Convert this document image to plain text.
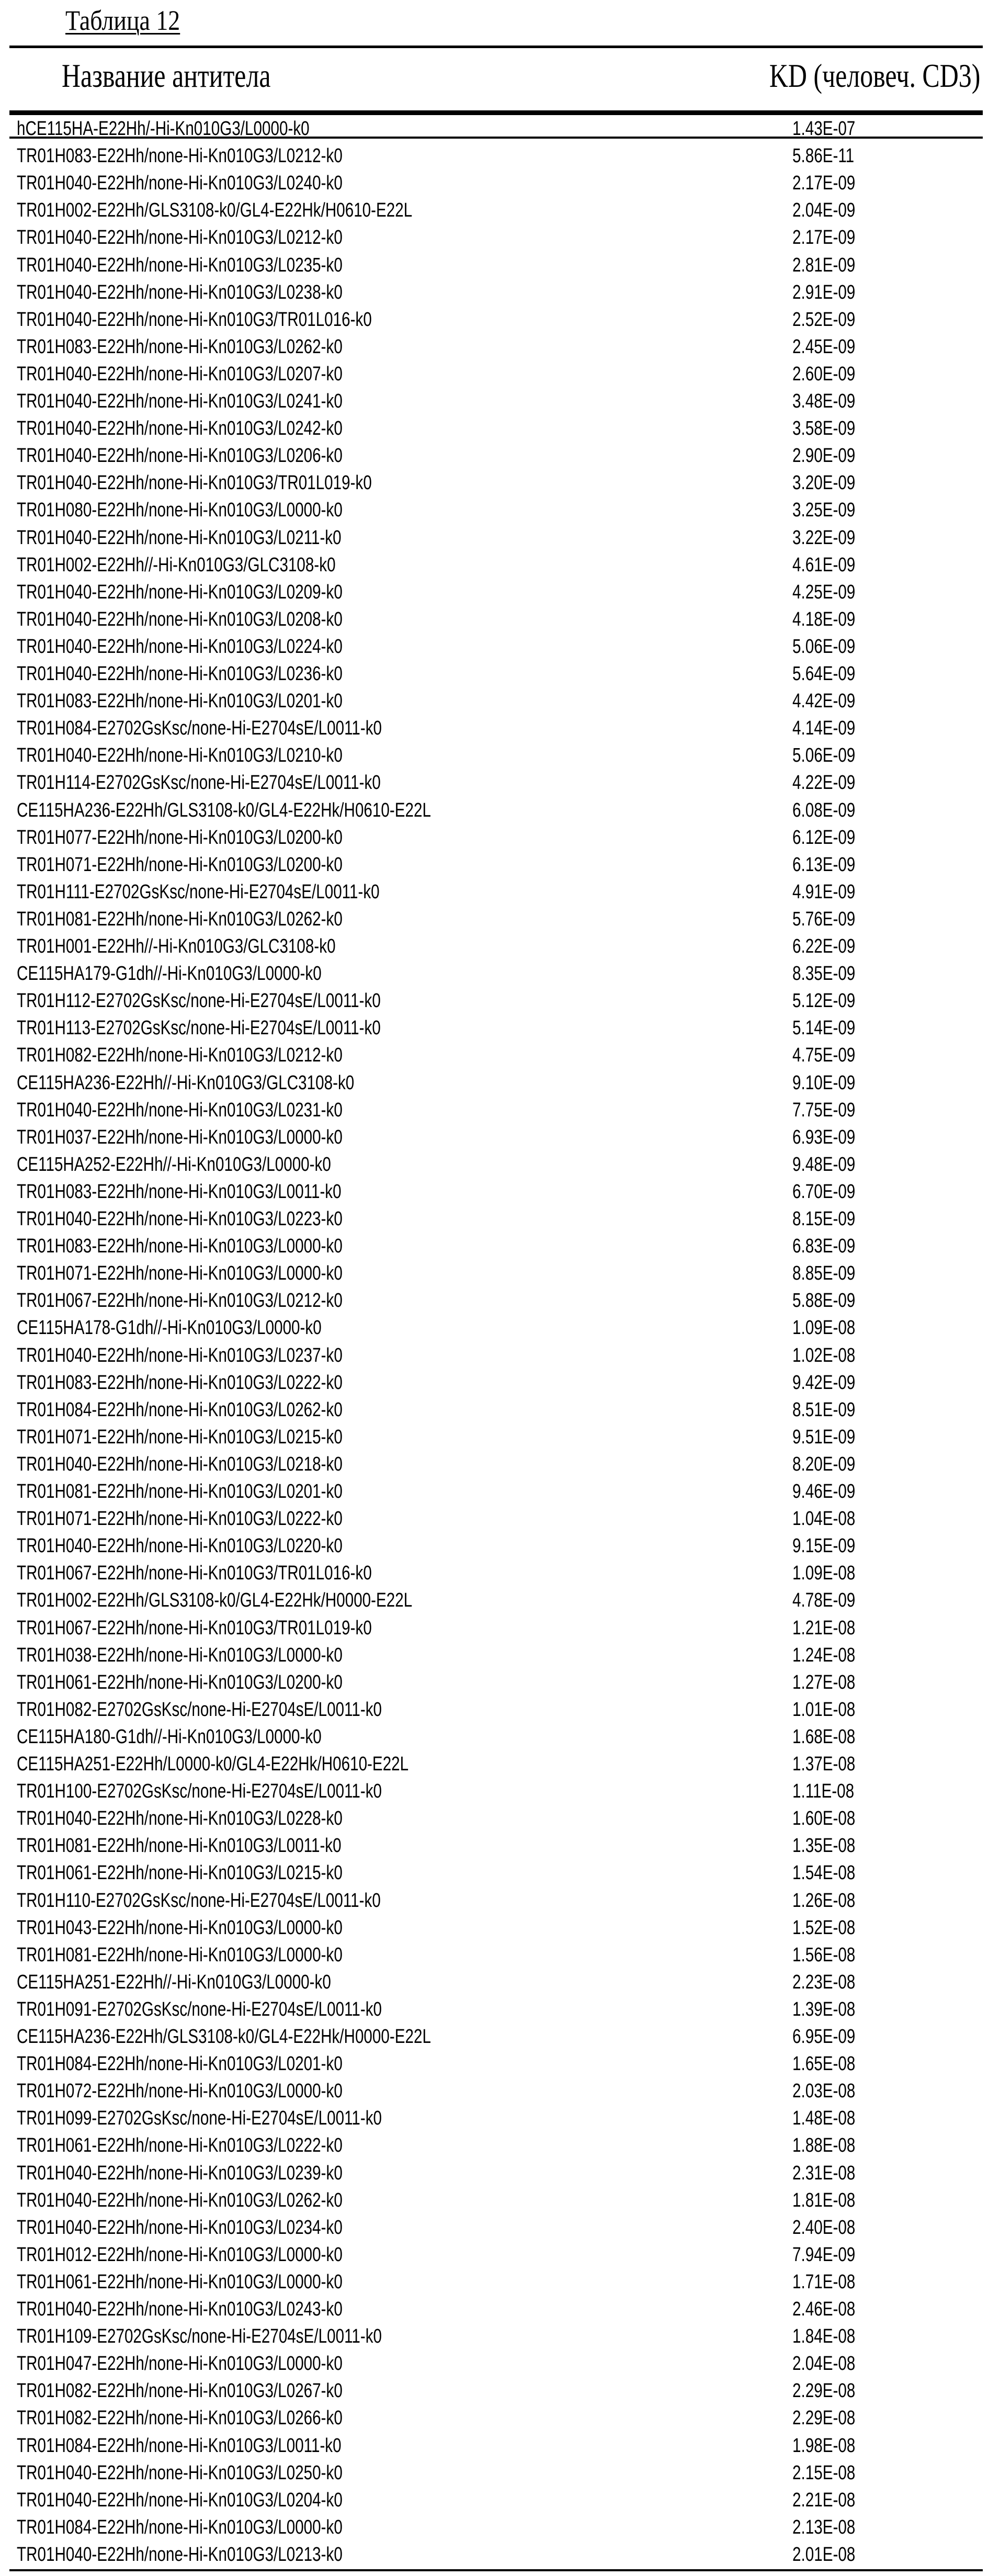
Таблица 12
Название антитела	KD (человеч. CD3)
hCE115HA-E22Hh/-Hi-Kn010G3/L0000-k0	1.43E-07
TR01H083-E22Hh/none-Hi-Kn010G3/L0212-k0	5.86E-11
TR01H040-E22Hh/none-Hi-Kn010G3/L0240-k0	2.17E-09
TR01H002-E22Hh/GLS3108-k0/GL4-E22Hk/H0610-E22L	2.04E-09
TR01H040-E22Hh/none-Hi-Kn010G3/L0212-k0	2.17E-09
TR01H040-E22Hh/none-Hi-Kn010G3/L0235-k0	2.81E-09
TR01H040-E22Hh/none-Hi-Kn010G3/L0238-k0	2.91E-09
TR01H040-E22Hh/none-Hi-Kn010G3/TR01L016-k0	2.52E-09
TR01H083-E22Hh/none-Hi-Kn010G3/L0262-k0	2.45E-09
TR01H040-E22Hh/none-Hi-Kn010G3/L0207-k0	2.60E-09
TR01H040-E22Hh/none-Hi-Kn010G3/L0241-k0	3.48E-09
TR01H040-E22Hh/none-Hi-Kn010G3/L0242-k0	3.58E-09
TR01H040-E22Hh/none-Hi-Kn010G3/L0206-k0	2.90E-09
TR01H040-E22Hh/none-Hi-Kn010G3/TR01L019-k0	3.20E-09
TR01H080-E22Hh/none-Hi-Kn010G3/L0000-k0	3.25E-09
TR01H040-E22Hh/none-Hi-Kn010G3/L0211-k0	3.22E-09
TR01H002-E22Hh//-Hi-Kn010G3/GLC3108-k0	4.61E-09
TR01H040-E22Hh/none-Hi-Kn010G3/L0209-k0	4.25E-09
TR01H040-E22Hh/none-Hi-Kn010G3/L0208-k0	4.18E-09
TR01H040-E22Hh/none-Hi-Kn010G3/L0224-k0	5.06E-09
TR01H040-E22Hh/none-Hi-Kn010G3/L0236-k0	5.64E-09
TR01H083-E22Hh/none-Hi-Kn010G3/L0201-k0	4.42E-09
TR01H084-E2702GsKsc/none-Hi-E2704sE/L0011-k0	4.14E-09
TR01H040-E22Hh/none-Hi-Kn010G3/L0210-k0	5.06E-09
TR01H114-E2702GsKsc/none-Hi-E2704sE/L0011-k0	4.22E-09
CE115HA236-E22Hh/GLS3108-k0/GL4-E22Hk/H0610-E22L	6.08E-09
TR01H077-E22Hh/none-Hi-Kn010G3/L0200-k0	6.12E-09
TR01H071-E22Hh/none-Hi-Kn010G3/L0200-k0	6.13E-09
TR01H111-E2702GsKsc/none-Hi-E2704sE/L0011-k0	4.91E-09
TR01H081-E22Hh/none-Hi-Kn010G3/L0262-k0	5.76E-09
TR01H001-E22Hh//-Hi-Kn010G3/GLC3108-k0	6.22E-09
CE115HA179-G1dh//-Hi-Kn010G3/L0000-k0	8.35E-09
TR01H112-E2702GsKsc/none-Hi-E2704sE/L0011-k0	5.12E-09
TR01H113-E2702GsKsc/none-Hi-E2704sE/L0011-k0	5.14E-09
TR01H082-E22Hh/none-Hi-Kn010G3/L0212-k0	4.75E-09
CE115HA236-E22Hh//-Hi-Kn010G3/GLC3108-k0	9.10E-09
TR01H040-E22Hh/none-Hi-Kn010G3/L0231-k0	7.75E-09
TR01H037-E22Hh/none-Hi-Kn010G3/L0000-k0	6.93E-09
CE115HA252-E22Hh//-Hi-Kn010G3/L0000-k0	9.48E-09
TR01H083-E22Hh/none-Hi-Kn010G3/L0011-k0	6.70E-09
TR01H040-E22Hh/none-Hi-Kn010G3/L0223-k0	8.15E-09
TR01H083-E22Hh/none-Hi-Kn010G3/L0000-k0	6.83E-09
TR01H071-E22Hh/none-Hi-Kn010G3/L0000-k0	8.85E-09
TR01H067-E22Hh/none-Hi-Kn010G3/L0212-k0	5.88E-09
CE115HA178-G1dh//-Hi-Kn010G3/L0000-k0	1.09E-08
TR01H040-E22Hh/none-Hi-Kn010G3/L0237-k0	1.02E-08
TR01H083-E22Hh/none-Hi-Kn010G3/L0222-k0	9.42E-09
TR01H084-E22Hh/none-Hi-Kn010G3/L0262-k0	8.51E-09
TR01H071-E22Hh/none-Hi-Kn010G3/L0215-k0	9.51E-09
TR01H040-E22Hh/none-Hi-Kn010G3/L0218-k0	8.20E-09
TR01H081-E22Hh/none-Hi-Kn010G3/L0201-k0	9.46E-09
TR01H071-E22Hh/none-Hi-Kn010G3/L0222-k0	1.04E-08
TR01H040-E22Hh/none-Hi-Kn010G3/L0220-k0	9.15E-09
TR01H067-E22Hh/none-Hi-Kn010G3/TR01L016-k0	1.09E-08
TR01H002-E22Hh/GLS3108-k0/GL4-E22Hk/H0000-E22L	4.78E-09
TR01H067-E22Hh/none-Hi-Kn010G3/TR01L019-k0	1.21E-08
TR01H038-E22Hh/none-Hi-Kn010G3/L0000-k0	1.24E-08
TR01H061-E22Hh/none-Hi-Kn010G3/L0200-k0	1.27E-08
TR01H082-E2702GsKsc/none-Hi-E2704sE/L0011-k0	1.01E-08
CE115HA180-G1dh//-Hi-Kn010G3/L0000-k0	1.68E-08
CE115HA251-E22Hh/L0000-k0/GL4-E22Hk/H0610-E22L	1.37E-08
TR01H100-E2702GsKsc/none-Hi-E2704sE/L0011-k0	1.11E-08
TR01H040-E22Hh/none-Hi-Kn010G3/L0228-k0	1.60E-08
TR01H081-E22Hh/none-Hi-Kn010G3/L0011-k0	1.35E-08
TR01H061-E22Hh/none-Hi-Kn010G3/L0215-k0	1.54E-08
TR01H110-E2702GsKsc/none-Hi-E2704sE/L0011-k0	1.26E-08
TR01H043-E22Hh/none-Hi-Kn010G3/L0000-k0	1.52E-08
TR01H081-E22Hh/none-Hi-Kn010G3/L0000-k0	1.56E-08
CE115HA251-E22Hh//-Hi-Kn010G3/L0000-k0	2.23E-08
TR01H091-E2702GsKsc/none-Hi-E2704sE/L0011-k0	1.39E-08
CE115HA236-E22Hh/GLS3108-k0/GL4-E22Hk/H0000-E22L	6.95E-09
TR01H084-E22Hh/none-Hi-Kn010G3/L0201-k0	1.65E-08
TR01H072-E22Hh/none-Hi-Kn010G3/L0000-k0	2.03E-08
TR01H099-E2702GsKsc/none-Hi-E2704sE/L0011-k0	1.48E-08
TR01H061-E22Hh/none-Hi-Kn010G3/L0222-k0	1.88E-08
TR01H040-E22Hh/none-Hi-Kn010G3/L0239-k0	2.31E-08
TR01H040-E22Hh/none-Hi-Kn010G3/L0262-k0	1.81E-08
TR01H040-E22Hh/none-Hi-Kn010G3/L0234-k0	2.40E-08
TR01H012-E22Hh/none-Hi-Kn010G3/L0000-k0	7.94E-09
TR01H061-E22Hh/none-Hi-Kn010G3/L0000-k0	1.71E-08
TR01H040-E22Hh/none-Hi-Kn010G3/L0243-k0	2.46E-08
TR01H109-E2702GsKsc/none-Hi-E2704sE/L0011-k0	1.84E-08
TR01H047-E22Hh/none-Hi-Kn010G3/L0000-k0	2.04E-08
TR01H082-E22Hh/none-Hi-Kn010G3/L0267-k0	2.29E-08
TR01H082-E22Hh/none-Hi-Kn010G3/L0266-k0	2.29E-08
TR01H084-E22Hh/none-Hi-Kn010G3/L0011-k0	1.98E-08
TR01H040-E22Hh/none-Hi-Kn010G3/L0250-k0	2.15E-08
TR01H040-E22Hh/none-Hi-Kn010G3/L0204-k0	2.21E-08
TR01H084-E22Hh/none-Hi-Kn010G3/L0000-k0	2.13E-08
TR01H040-E22Hh/none-Hi-Kn010G3/L0213-k0	2.01E-08
